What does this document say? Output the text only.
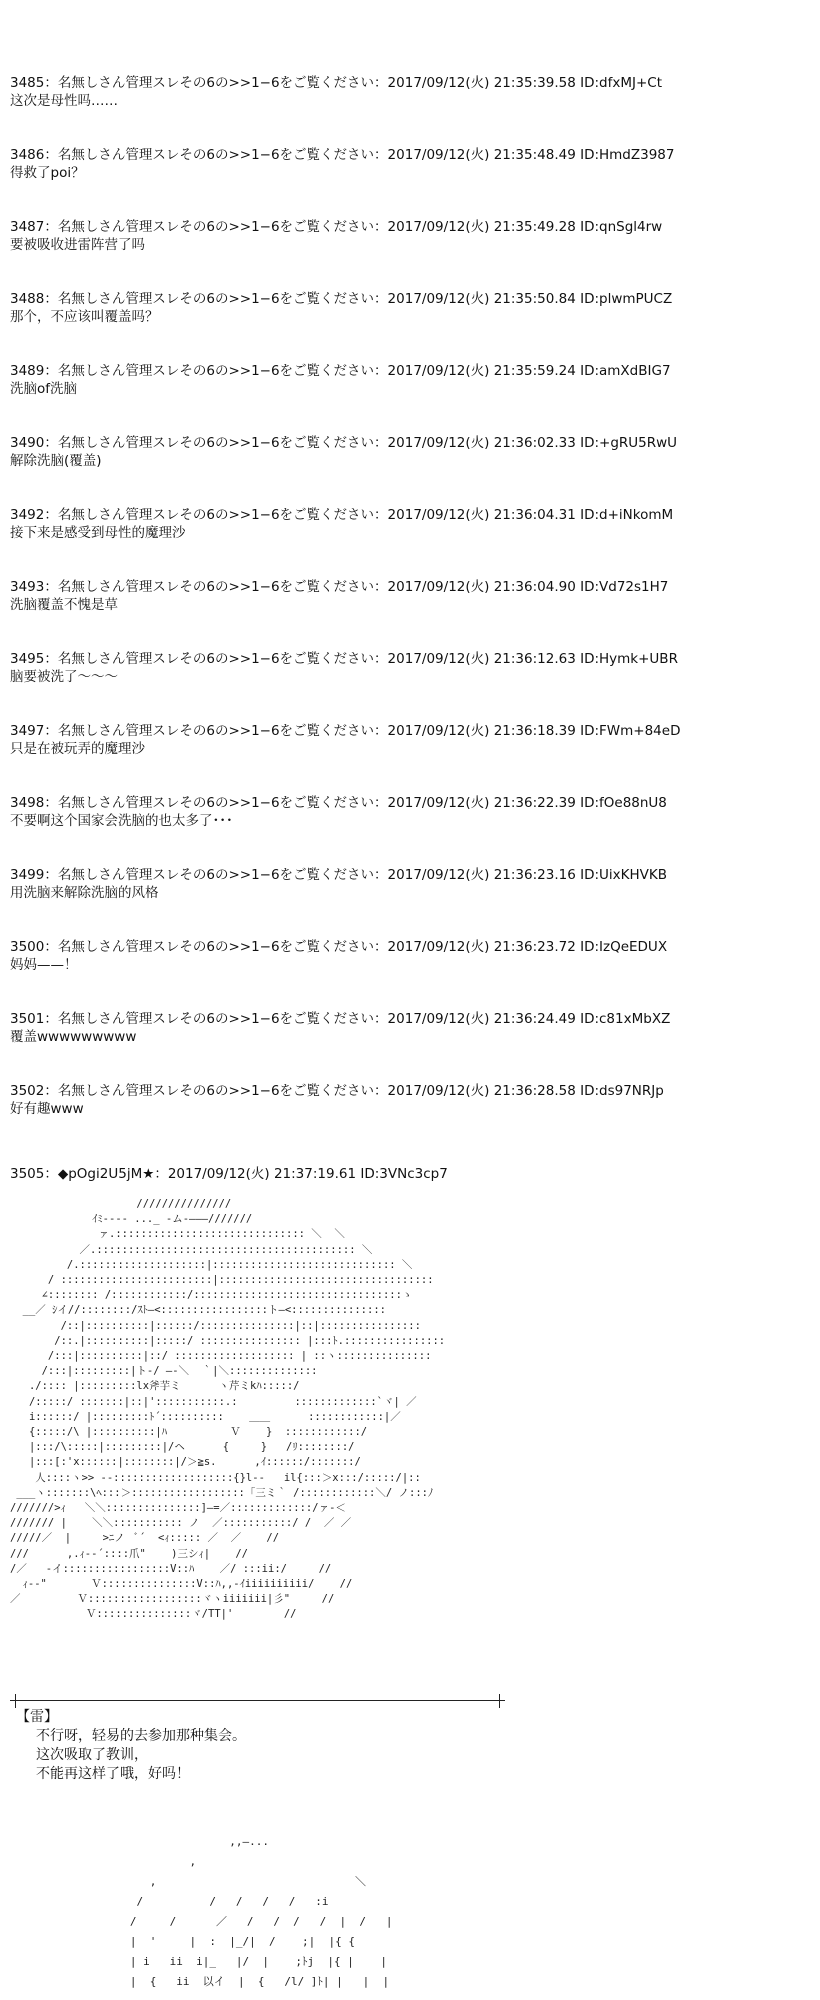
3485：名無しさん管理スレその6の>>1−6をご覧ください：2017/09/12(火) 21:35:39.58 ID:dfxMJ+Ct
这次是母性吗……
3486：名無しさん管理スレその6の>>1−6をご覧ください：2017/09/12(火) 21:35:48.49 ID:HmdZ3987
得救了poi？
3487：名無しさん管理スレその6の>>1−6をご覧ください：2017/09/12(火) 21:35:49.28 ID:qnSgl4rw
要被吸收进雷阵营了吗
3488：名無しさん管理スレその6の>>1−6をご覧ください：2017/09/12(火) 21:35:50.84 ID:plwmPUCZ
那个，不应该叫覆盖吗？
3489：名無しさん管理スレその6の>>1−6をご覧ください：2017/09/12(火) 21:35:59.24 ID:amXdBIG7
洗脑of洗脑
3490：名無しさん管理スレその6の>>1−6をご覧ください：2017/09/12(火) 21:36:02.33 ID:+gRU5RwU
解除洗脑(覆盖)
3492：名無しさん管理スレその6の>>1−6をご覧ください：2017/09/12(火) 21:36:04.31 ID:d+iNkomM
接下来是感受到母性的魔理沙
3493：名無しさん管理スレその6の>>1−6をご覧ください：2017/09/12(火) 21:36:04.90 ID:Vd72s1H7
洗脑覆盖不愧是草
3495：名無しさん管理スレその6の>>1−6をご覧ください：2017/09/12(火) 21:36:12.63 ID:Hymk+UBR
脑要被洗了〜〜〜
3497：名無しさん管理スレその6の>>1−6をご覧ください：2017/09/12(火) 21:36:18.39 ID:FWm+84eD
只是在被玩弄的魔理沙
3498：名無しさん管理スレその6の>>1−6をご覧ください：2017/09/12(火) 21:36:22.39 ID:fOe88nU8
不要啊这个国家会洗脑的也太多了･･･
3499：名無しさん管理スレその6の>>1−6をご覧ください：2017/09/12(火) 21:36:23.16 ID:UixKHVKB
用洗脑来解除洗脑的风格
3500：名無しさん管理スレその6の>>1−6をご覧ください：2017/09/12(火) 21:36:23.72 ID:IzQeEDUX
妈妈——！
3501：名無しさん管理スレその6の>>1−6をご覧ください：2017/09/12(火) 21:36:24.49 ID:c81xMbXZ
覆盖wwwwwwwww
3502：名無しさん管理スレその6の>>1−6をご覧ください：2017/09/12(火) 21:36:28.58 ID:ds97NRJp
好有趣www
3505：◆pOgi2U5jM★：2017/09/12(火) 21:37:19.61 ID:3VNc3cp7
///////////////
ｲﾐ---- ..._ -ム-―――///////
ァ.:::::::::::::::::::::::::::::: ＼  ＼
／.::::::::::::::::::::::::::::::::::::::::: ＼
/.::::::::::::::::::::|::::::::::::::::::::::::::::: ＼
/ ::::::::::::::::::::::::|::::::::::::::::::::::::::::::::::
∠:::::::: /::::::::::::/:::::::::::::::::::::::::::::::::ゝ
__／ ｼイ//::::::::/ｽﾄ―<:::::::::::::::::ト―<:::::::::::::::
/::|::::::::::|::::::/:::::::::::::::|::|::::::::::::::::
/::.|::::::::::|:::::/ :::::::::::::::: |:::ﾄ.::::::::::::::::
/:::|::::::::::|::/ ::::::::::::::::::: | ::ヽ:::::::::::::::
/:::|:::::::::|ト-/ ―-＼  ｀|＼::::::::::::::
./:::: |:::::::::lx斧芋ミ      ヽ芹ミkﾊ:::::/
/:::::/ :::::::|::|':::::::::::.:         :::::::::::::`ヾ| ／
i::::::/ |:::::::::ﾄ´::::::::::    ＿＿      ::::::::::::|／
{:::::/\ |::::::::::|ﾊ          Ｖ    }  ::::::::::::/
|:::/\:::::|:::::::::|/ヘ      {     }   /ﾘ::::::::/
|:::[:'x::::::|::::::::|/＞≧s.      ,ｲ::::::/:::::::/
人::::ヽ>> --:::::::::::::::::::{}l--   il{:::＞x:::/:::::/|::
___ヽ:::::::\ﾍ:::＞::::::::::::::::::「三ミ｀ /::::::::::::＼/ ノ:::ﾉ
///////>ｨ   ＼＼:::::::::::::::]―=／:::::::::::::/ァ-＜
/////// |    ＼＼::::::::::: ノ  ／:::::::::::/ /  ／ ／
/////／  |     >ﾆノ  ﾞ´  <ｨ::::: ／  ／    //
///      ,.ｨ--´::::爪"    )三シｨ|    //
/／   -イ:::::::::::::::::V::ﾊ    ／/ :::ii:/     //
ｨ-‐"       Ｖ:::::::::::::::V::ﾊ,,-ｲiiiiiiiiii/    //
／         Ｖ::::::::::::::::::ヾヽiiiiiii|彡"     //
Ｖ:::::::::::::::ヾ/TT|'        //
【雷】
不行呀，轻易的去参加那种集会。
这次吸取了教训，
不能再这样了哦，好吗！
,,―...
,
,                              ＼
/          /   /   /   /   :i
/     /      ／   /   /  /   /  |  /   |
|  '     |  :  |_/|  /    ;|  |{ {
| i   ii  i|_   |/  |    ;ﾄj  |{ |    |
|  {   ii  以イ  |  {   /l/ ]ﾄ| |   |  |
